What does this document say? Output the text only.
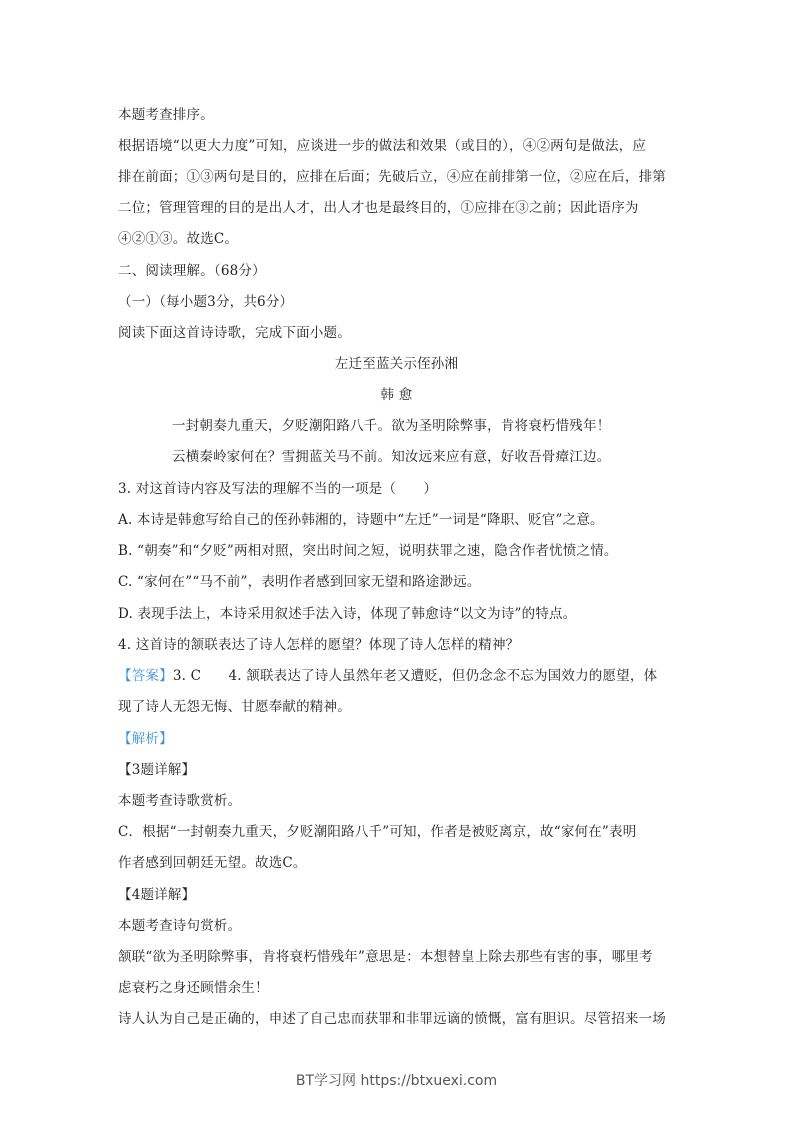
本题考查排序。
根据语境“以更大力度”可知，应谈进一步的做法和效果（或目的），④②两句是做法，应
排在前面；①③两句是目的，应排在后面；先破后立，④应在前排第一位，②应在后，排第
二位；管理管理的目的是出人才，出人才也是最终目的，①应排在③之前；因此语序为
④②①③。故选C。
二、阅读理解。（68分）
（一）（每小题3分，共6分）
阅读下面这首诗诗歌，完成下面小题。
左迁至蓝关示侄孙湘
韩 愈
一封朝奏九重天，夕贬潮阳路八千。欲为圣明除弊事，肯将衰朽惜残年！
云横秦岭家何在？雪拥蓝关马不前。知汝远来应有意，好收吾骨瘴江边。
3. 对这首诗内容及写法的理解不当的一项是（　　）
A. 本诗是韩愈写给自己的侄孙韩湘的，诗题中“左迁”一词是“降职、贬官”之意。
B. “朝奏”和“夕贬”两相对照，突出时间之短，说明获罪之速，隐含作者忧愤之情。
C. “家何在”“马不前”，表明作者感到回家无望和路途渺远。
D. 表现手法上，本诗采用叙述手法入诗，体现了韩愈诗“以文为诗”的特点。
4. 这首诗的颔联表达了诗人怎样的愿望？体现了诗人怎样的精神？
【答案】3. C　　4. 颔联表达了诗人虽然年老又遭贬，但仍念念不忘为国效力的愿望，体
现了诗人无怨无悔、甘愿奉献的精神。
【解析】
【3题详解】
本题考查诗歌赏析。
C．根据“一封朝奏九重天，夕贬潮阳路八千”可知，作者是被贬离京，故“家何在”表明
作者感到回朝廷无望。故选C。
【4题详解】
本题考查诗句赏析。
颔联“欲为圣明除弊事，肯将衰朽惜残年”意思是：本想替皇上除去那些有害的事，哪里考
虑衰朽之身还顾惜余生！
诗人认为自己是正确的，申述了自己忠而获罪和非罪远谪的愤慨，富有胆识。尽管招来一场
BT学习网 https://btxuexi.com
